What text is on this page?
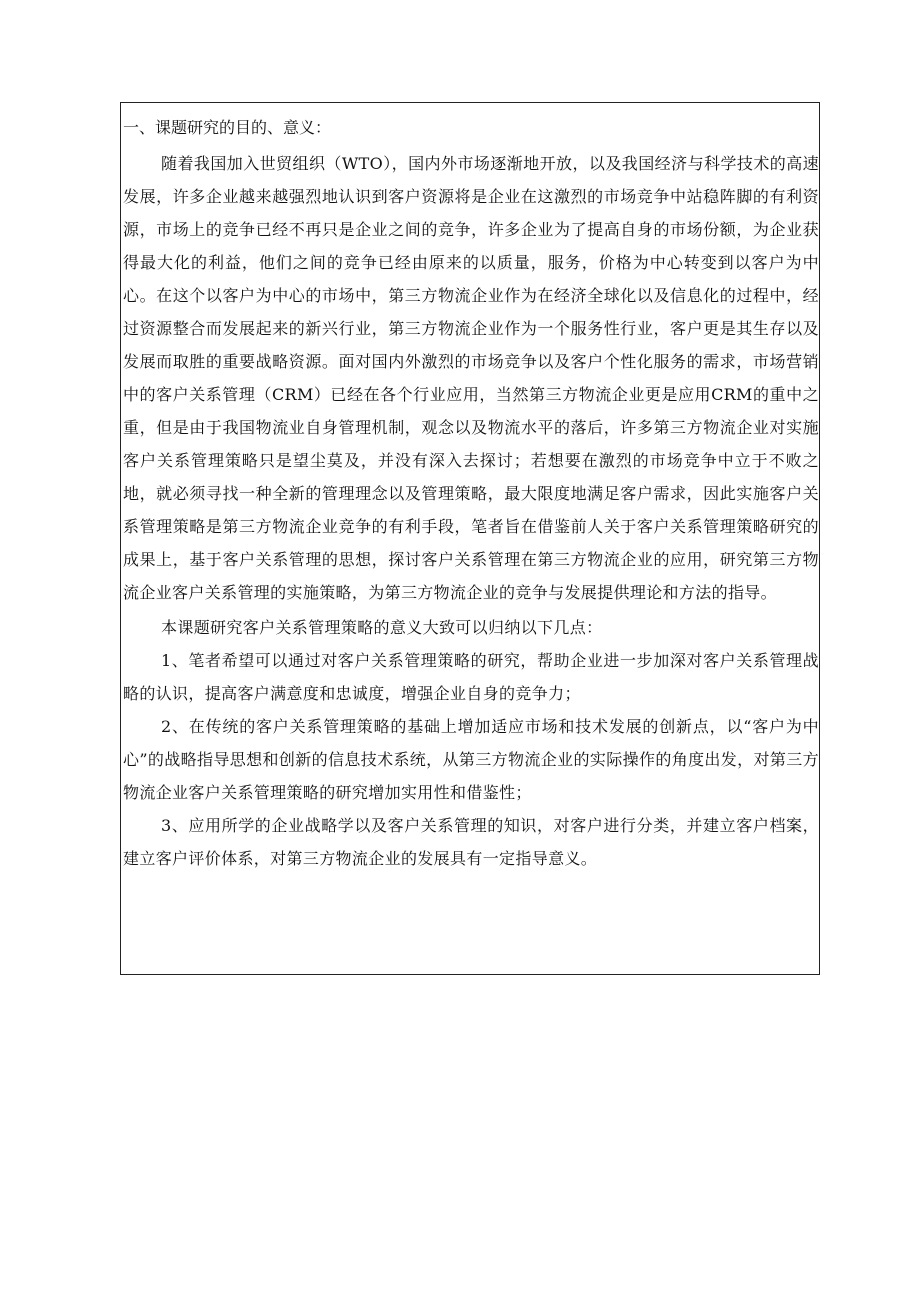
一、课题研究的目的、意义：

随着我国加入世贸组织（WTO），国内外市场逐渐地开放，以及我国经济与科学技术的高速发展，许多企业越来越强烈地认识到客户资源将是企业在这激烈的市场竞争中站稳阵脚的有利资源，市场上的竞争已经不再只是企业之间的竞争，许多企业为了提高自身的市场份额，为企业获得最大化的利益，他们之间的竞争已经由原来的以质量，服务，价格为中心转变到以客户为中心。在这个以客户为中心的市场中，第三方物流企业作为在经济全球化以及信息化的过程中，经过资源整合而发展起来的新兴行业，第三方物流企业作为一个服务性行业，客户更是其生存以及发展而取胜的重要战略资源。面对国内外激烈的市场竞争以及客户个性化服务的需求，市场营销中的客户关系管理（CRM）已经在各个行业应用，当然第三方物流企业更是应用CRM的重中之重，但是由于我国物流业自身管理机制，观念以及物流水平的落后，许多第三方物流企业对实施客户关系管理策略只是望尘莫及，并没有深入去探讨；若想要在激烈的市场竞争中立于不败之地，就必须寻找一种全新的管理理念以及管理策略，最大限度地满足客户需求，因此实施客户关系管理策略是第三方物流企业竞争的有利手段，笔者旨在借鉴前人关于客户关系管理策略研究的成果上，基于客户关系管理的思想，探讨客户关系管理在第三方物流企业的应用，研究第三方物流企业客户关系管理的实施策略，为第三方物流企业的竞争与发展提供理论和方法的指导。

本课题研究客户关系管理策略的意义大致可以归纳以下几点：

1、笔者希望可以通过对客户关系管理策略的研究，帮助企业进一步加深对客户关系管理战略的认识，提高客户满意度和忠诚度，增强企业自身的竞争力；

2、在传统的客户关系管理策略的基础上增加适应市场和技术发展的创新点，以“客户为中心”的战略指导思想和创新的信息技术系统，从第三方物流企业的实际操作的角度出发，对第三方物流企业客户关系管理策略的研究增加实用性和借鉴性；

3、应用所学的企业战略学以及客户关系管理的知识，对客户进行分类，并建立客户档案，建立客户评价体系，对第三方物流企业的发展具有一定指导意义。
